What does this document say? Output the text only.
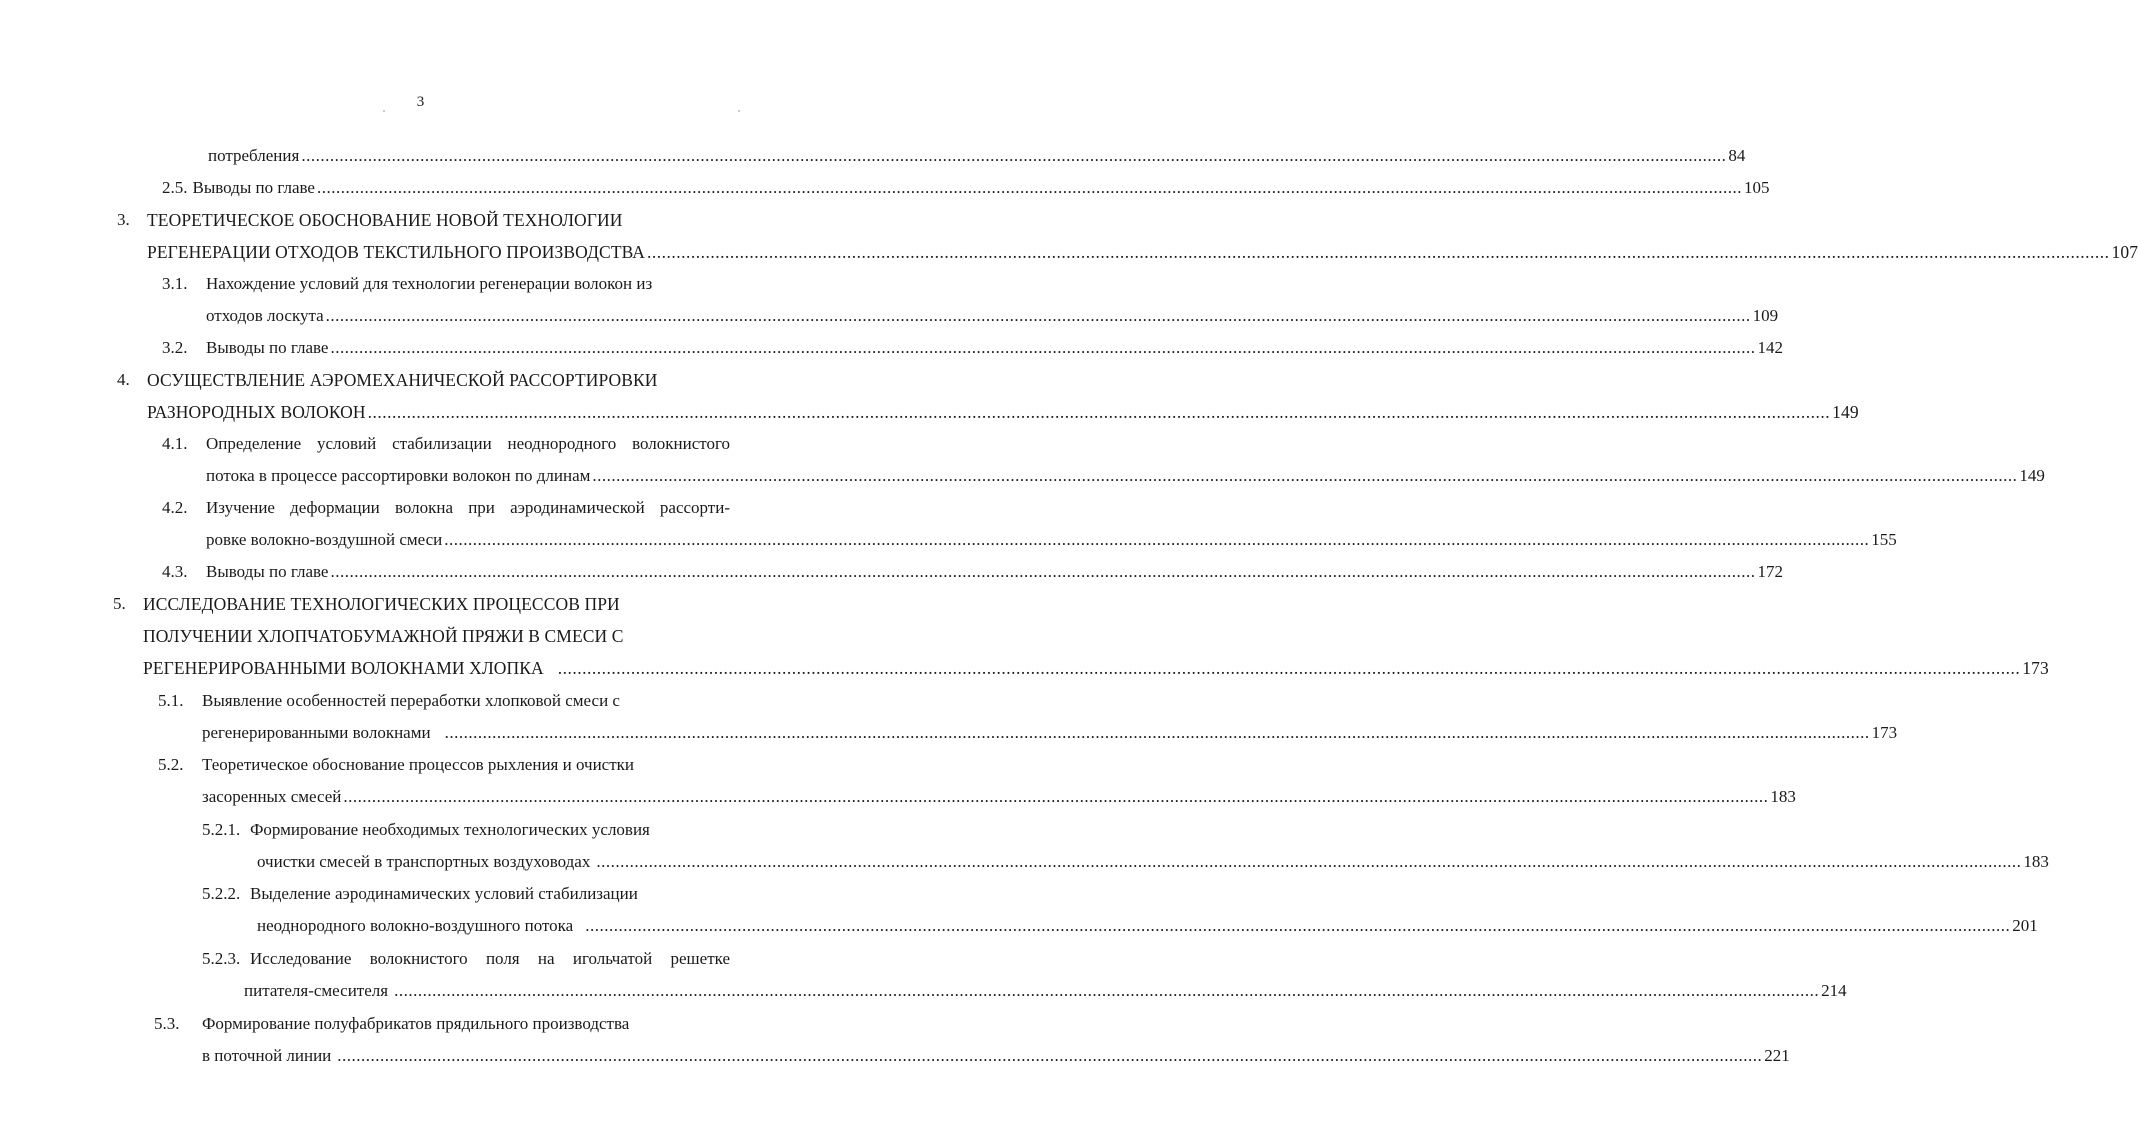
3
потребления ............................................................................................................................................................................................................................................................................................................ 84
2.5. Выводы по главе ............................................................................................................................................................................................................................................................................................................ 105
3. ТЕОРЕТИЧЕСКОЕ ОБОСНОВАНИЕ НОВОЙ ТЕХНОЛОГИИ
РЕГЕНЕРАЦИИ ОТХОДОВ ТЕКСТИЛЬНОГО ПРОИЗВОДСТВА ............................................................................................................................................................................................................................................................................................................ 107
3.1. Нахождение условий для технологии регенерации волокон из
отходов лоскута ............................................................................................................................................................................................................................................................................................................ 109
3.2. Выводы по главе ............................................................................................................................................................................................................................................................................................................ 142
4. ОСУЩЕСТВЛЕНИЕ АЭРОМЕХАНИЧЕСКОЙ РАССОРТИРОВКИ
РАЗНОРОДНЫХ ВОЛОКОН ............................................................................................................................................................................................................................................................................................................ 149
4.1. Определение условий стабилизации неоднородного волокнистого
потока в процессе рассортировки волокон по длинам ............................................................................................................................................................................................................................................................................................................ 149
4.2. Изучение деформации волокна при аэродинамической рассорти-
ровке волокно-воздушной смеси ............................................................................................................................................................................................................................................................................................................ 155
4.3. Выводы по главе ............................................................................................................................................................................................................................................................................................................ 172
5. ИССЛЕДОВАНИЕ ТЕХНОЛОГИЧЕСКИХ ПРОЦЕССОВ ПРИ
ПОЛУЧЕНИИ ХЛОПЧАТОБУМАЖНОЙ ПРЯЖИ В СМЕСИ С
РЕГЕНЕРИРОВАННЫМИ ВОЛОКНАМИ ХЛОПКА ............................................................................................................................................................................................................................................................................................................ 173
5.1. Выявление особенностей переработки хлопковой смеси с
регенерированными волокнами ............................................................................................................................................................................................................................................................................................................ 173
5.2. Теоретическое обоснование процессов рыхления и очистки
засоренных смесей ............................................................................................................................................................................................................................................................................................................ 183
5.2.1. Формирование необходимых технологических условия
очистки смесей в транспортных воздуховодах ............................................................................................................................................................................................................................................................................................................ 183
5.2.2. Выделение аэродинамических условий стабилизации
неоднородного волокно-воздушного потока ............................................................................................................................................................................................................................................................................................................ 201
5.2.3. Исследование волокнистого поля на игольчатой решетке
питателя-смесителя ............................................................................................................................................................................................................................................................................................................ 214
5.3. Формирование полуфабрикатов прядильного производства
в поточной линии ............................................................................................................................................................................................................................................................................................................ 221
